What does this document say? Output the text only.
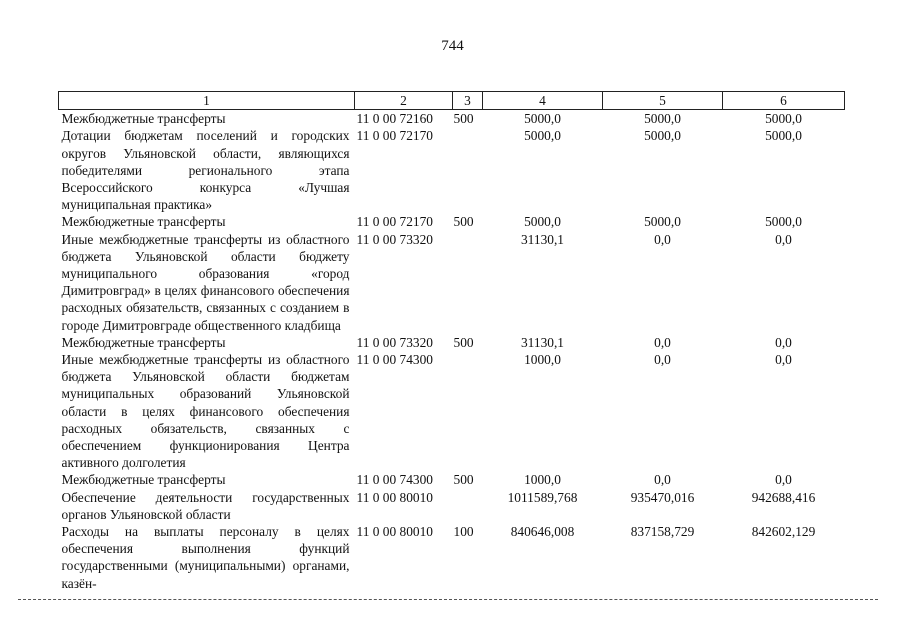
744
1	2	3	4	5	6
Межбюджетные трансферты	11 0 00 72160	500	5000,0	5000,0	5000,0
Дотации бюджетам поселений и городских округов Ульяновской области, являющихся победителями регионального этапа Всероссийского конкурса «Лучшая муниципальная практика»	11 0 00 72170		5000,0	5000,0	5000,0
Межбюджетные трансферты	11 0 00 72170	500	5000,0	5000,0	5000,0
Иные межбюджетные трансферты из областного бюджета Ульяновской области бюджету муниципального образования «город Димитровград» в целях финансового обеспечения расходных обязательств, связанных с созданием в городе Димитровграде общественного кладбища	11 0 00 73320		31130,1	0,0	0,0
Межбюджетные трансферты	11 0 00 73320	500	31130,1	0,0	0,0
Иные межбюджетные трансферты из областного бюджета Ульяновской области бюджетам муниципальных образований Ульяновской области в целях финансового обеспечения расходных обязательств, связанных с обеспечением функционирования Центра активного долголетия	11 0 00 74300		1000,0	0,0	0,0
Межбюджетные трансферты	11 0 00 74300	500	1000,0	0,0	0,0
Обеспечение деятельности государственных органов Ульяновской области	11 0 00 80010		1011589,768	935470,016	942688,416
Расходы на выплаты персоналу в целях обеспечения выполнения функций государственными (муниципальными) органами, казён-	11 0 00 80010	100	840646,008	837158,729	842602,129
